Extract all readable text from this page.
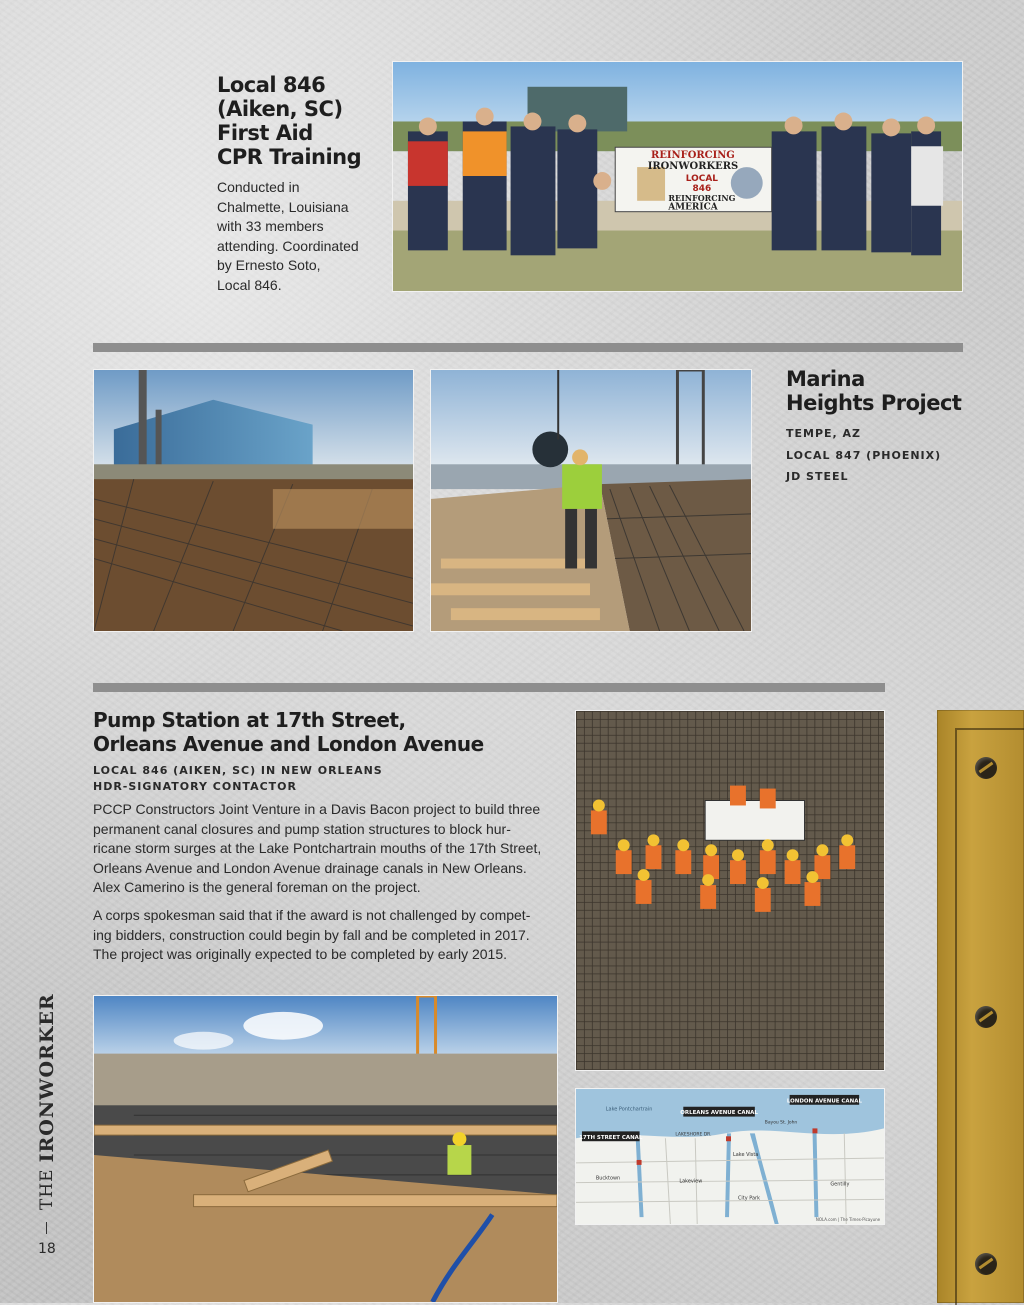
Local 846
(Aiken, SC)
First Aid
CPR Training
Conducted in
Chalmette, Louisiana
with 33 members
attending. Coordinated
by Ernesto Soto,
Local 846.
REINFORCING
IRONWORKERS
LOCAL
846
REINFORCING
AMERICA
Marina
Heights Project
TEMPE, AZ
LOCAL 847 (PHOENIX)
JD STEEL
Pump Station at 17th Street,
Orleans Avenue and London Avenue
LOCAL 846 (AIKEN, SC) IN NEW ORLEANS
HDR-SIGNATORY CONTACTOR
PCCP Constructors Joint Venture in a Davis Bacon project to build three
permanent canal closures and pump station structures to block hur-
ricane storm surges at the Lake Pontchartrain mouths of the 17th Street,
Orleans Avenue and London Avenue drainage canals in New Orleans.
Alex Camerino is the general foreman on the project.
A corps spokesman said that if the award is not challenged by compet-
ing bidders, construction could begin by fall and be completed in 2017.
The project was originally expected to be completed by early 2015.
17TH STREET CANAL
ORLEANS AVENUE CANAL
LONDON AVENUE CANAL
Lake Pontchartrain
LAKESHORE DR.
Lake Vista
Bayou St. John
Lakeview
City Park
Gentilly
Bucktown
NOLA.com | The Times-Picayune
THE
IRONWORKER
18
